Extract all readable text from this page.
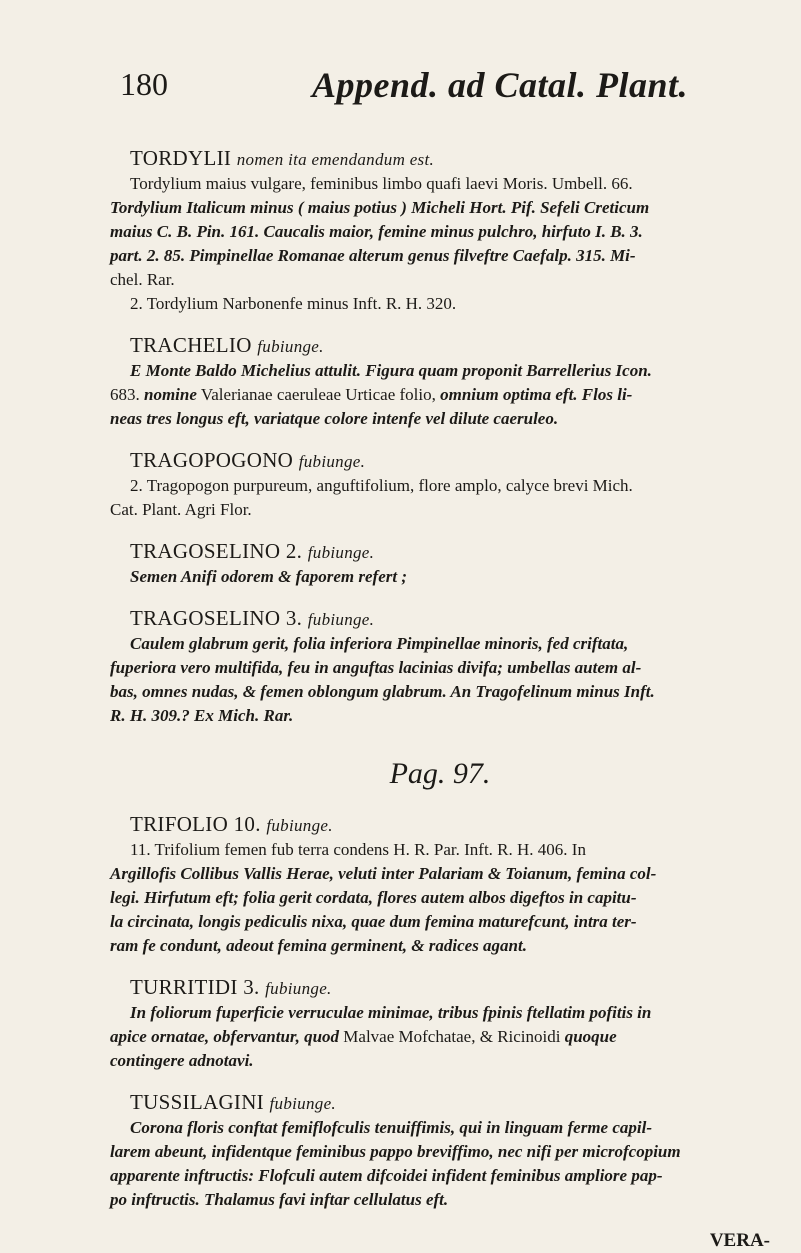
180	Append. ad Catal. Plant.
TORDYLII nomen ita emendandum est.
Tordylium maius vulgare, feminibus limbo quafi laevi Moris. Umbell. 66.
Tordylium Italicum minus ( maius potius ) Micheli Hort. Pif. Sefeli Creticum
maius C. B. Pin. 161. Caucalis maior, femine minus pulchro, hirfuto I. B. 3.
part. 2. 85. Pimpinellae Romanae alterum genus filveftre Caefalp. 315. Mi-
chel. Rar.
2. Tordylium Narbonenfe minus Inft. R. H. 320.
TRACHELIO fubiunge.
E Monte Baldo Michelius attulit. Figura quam proponit Barrellerius Icon.
683. nomine Valerianae caeruleae Urticae folio, omnium optima eft. Flos li-
neas tres longus eft, variatque colore intenfe vel dilute caeruleo.
TRAGOPOGONO fubiunge.
2. Tragopogon purpureum, anguftifolium, flore amplo, calyce brevi Mich.
Cat. Plant. Agri Flor.
TRAGOSELINO 2. fubiunge.
Semen Anifi odorem & faporem refert ;
TRAGOSELINO 3. fubiunge.
Caulem glabrum gerit, folia inferiora Pimpinellae minoris, fed criftata,
fuperiora vero multifida, feu in anguftas lacinias divifa; umbellas autem al-
bas, omnes nudas, & femen oblongum glabrum. An Tragofelinum minus Inft.
R. H. 309.? Ex Mich. Rar.
Pag. 97.
TRIFOLIO 10. fubiunge.
11. Trifolium femen fub terra condens H. R. Par. Inft. R. H. 406. In
Argillofis Collibus Vallis Herae, veluti inter Palariam & Toianum, femina col-
legi. Hirfutum eft; folia gerit cordata, flores autem albos digeftos in capitu-
la circinata, longis pediculis nixa, quae dum femina maturefcunt, intra ter-
ram fe condunt, adeout femina germinent, & radices agant.
TURRITIDI 3. fubiunge.
In foliorum fuperficie verruculae minimae, tribus fpinis ftellatim pofitis in
apice ornatae, obfervantur, quod Malvae Mofchatae, & Ricinoidi quoque
contingere adnotavi.
TUSSILAGINI fubiunge.
Corona floris conftat femiflofculis tenuiffimis, qui in linguam ferme capil-
larem abeunt, infidentque feminibus pappo breviffimo, nec nifi per microfcopium
apparente inftructis: Flofculi autem difcoidei infident feminibus ampliore pap-
po inftructis. Thalamus favi inftar cellulatus eft.
VERA-
